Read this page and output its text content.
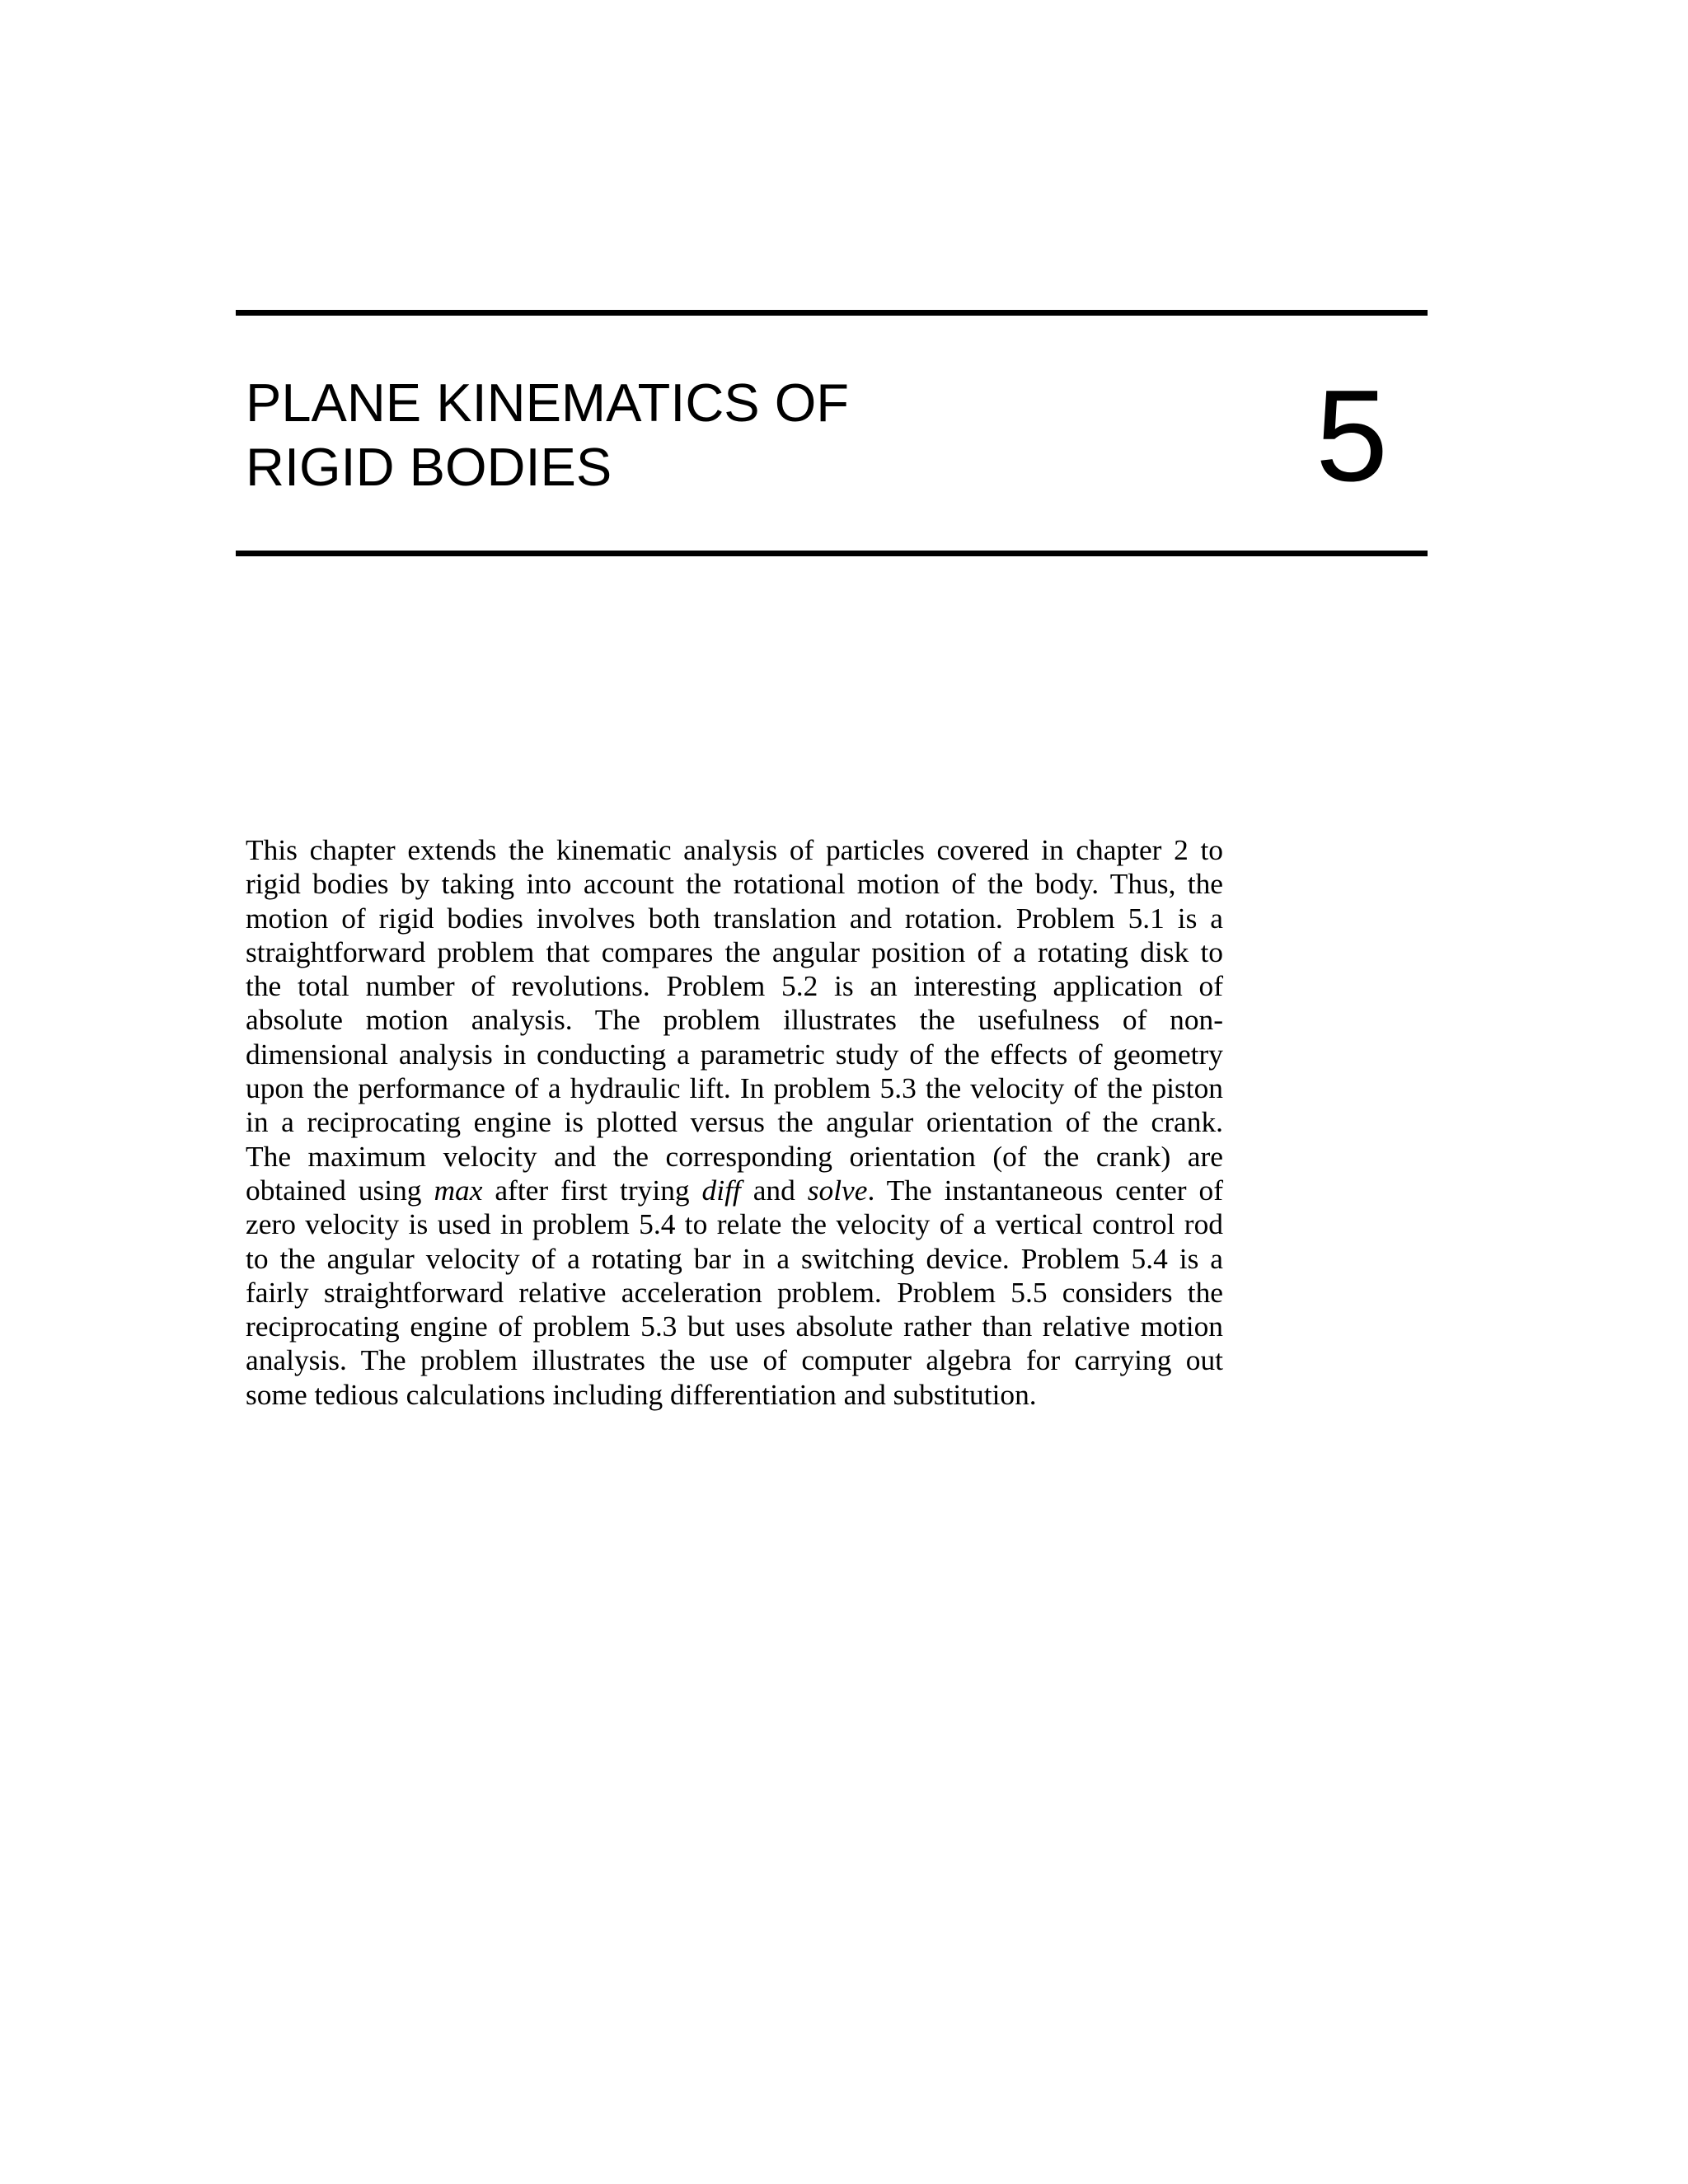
PLANE KINEMATICS OF
RIGID BODIES	5

This chapter extends the kinematic analysis of particles covered in chapter 2 to
rigid bodies by taking into account the rotational motion of the body. Thus, the
motion of rigid bodies involves both translation and rotation. Problem 5.1 is a
straightforward problem that compares the angular position of a rotating disk to
the total number of revolutions. Problem 5.2 is an interesting application of
absolute motion analysis. The problem illustrates the usefulness of non-
dimensional analysis in conducting a parametric study of the effects of geometry
upon the performance of a hydraulic lift. In problem 5.3 the velocity of the piston
in a reciprocating engine is plotted versus the angular orientation of the crank.
The maximum velocity and the corresponding orientation (of the crank) are
obtained using max after first trying diff and solve. The instantaneous center of
zero velocity is used in problem 5.4 to relate the velocity of a vertical control rod
to the angular velocity of a rotating bar in a switching device. Problem 5.4 is a
fairly straightforward relative acceleration problem. Problem 5.5 considers the
reciprocating engine of problem 5.3 but uses absolute rather than relative motion
analysis. The problem illustrates the use of computer algebra for carrying out
some tedious calculations including differentiation and substitution.
